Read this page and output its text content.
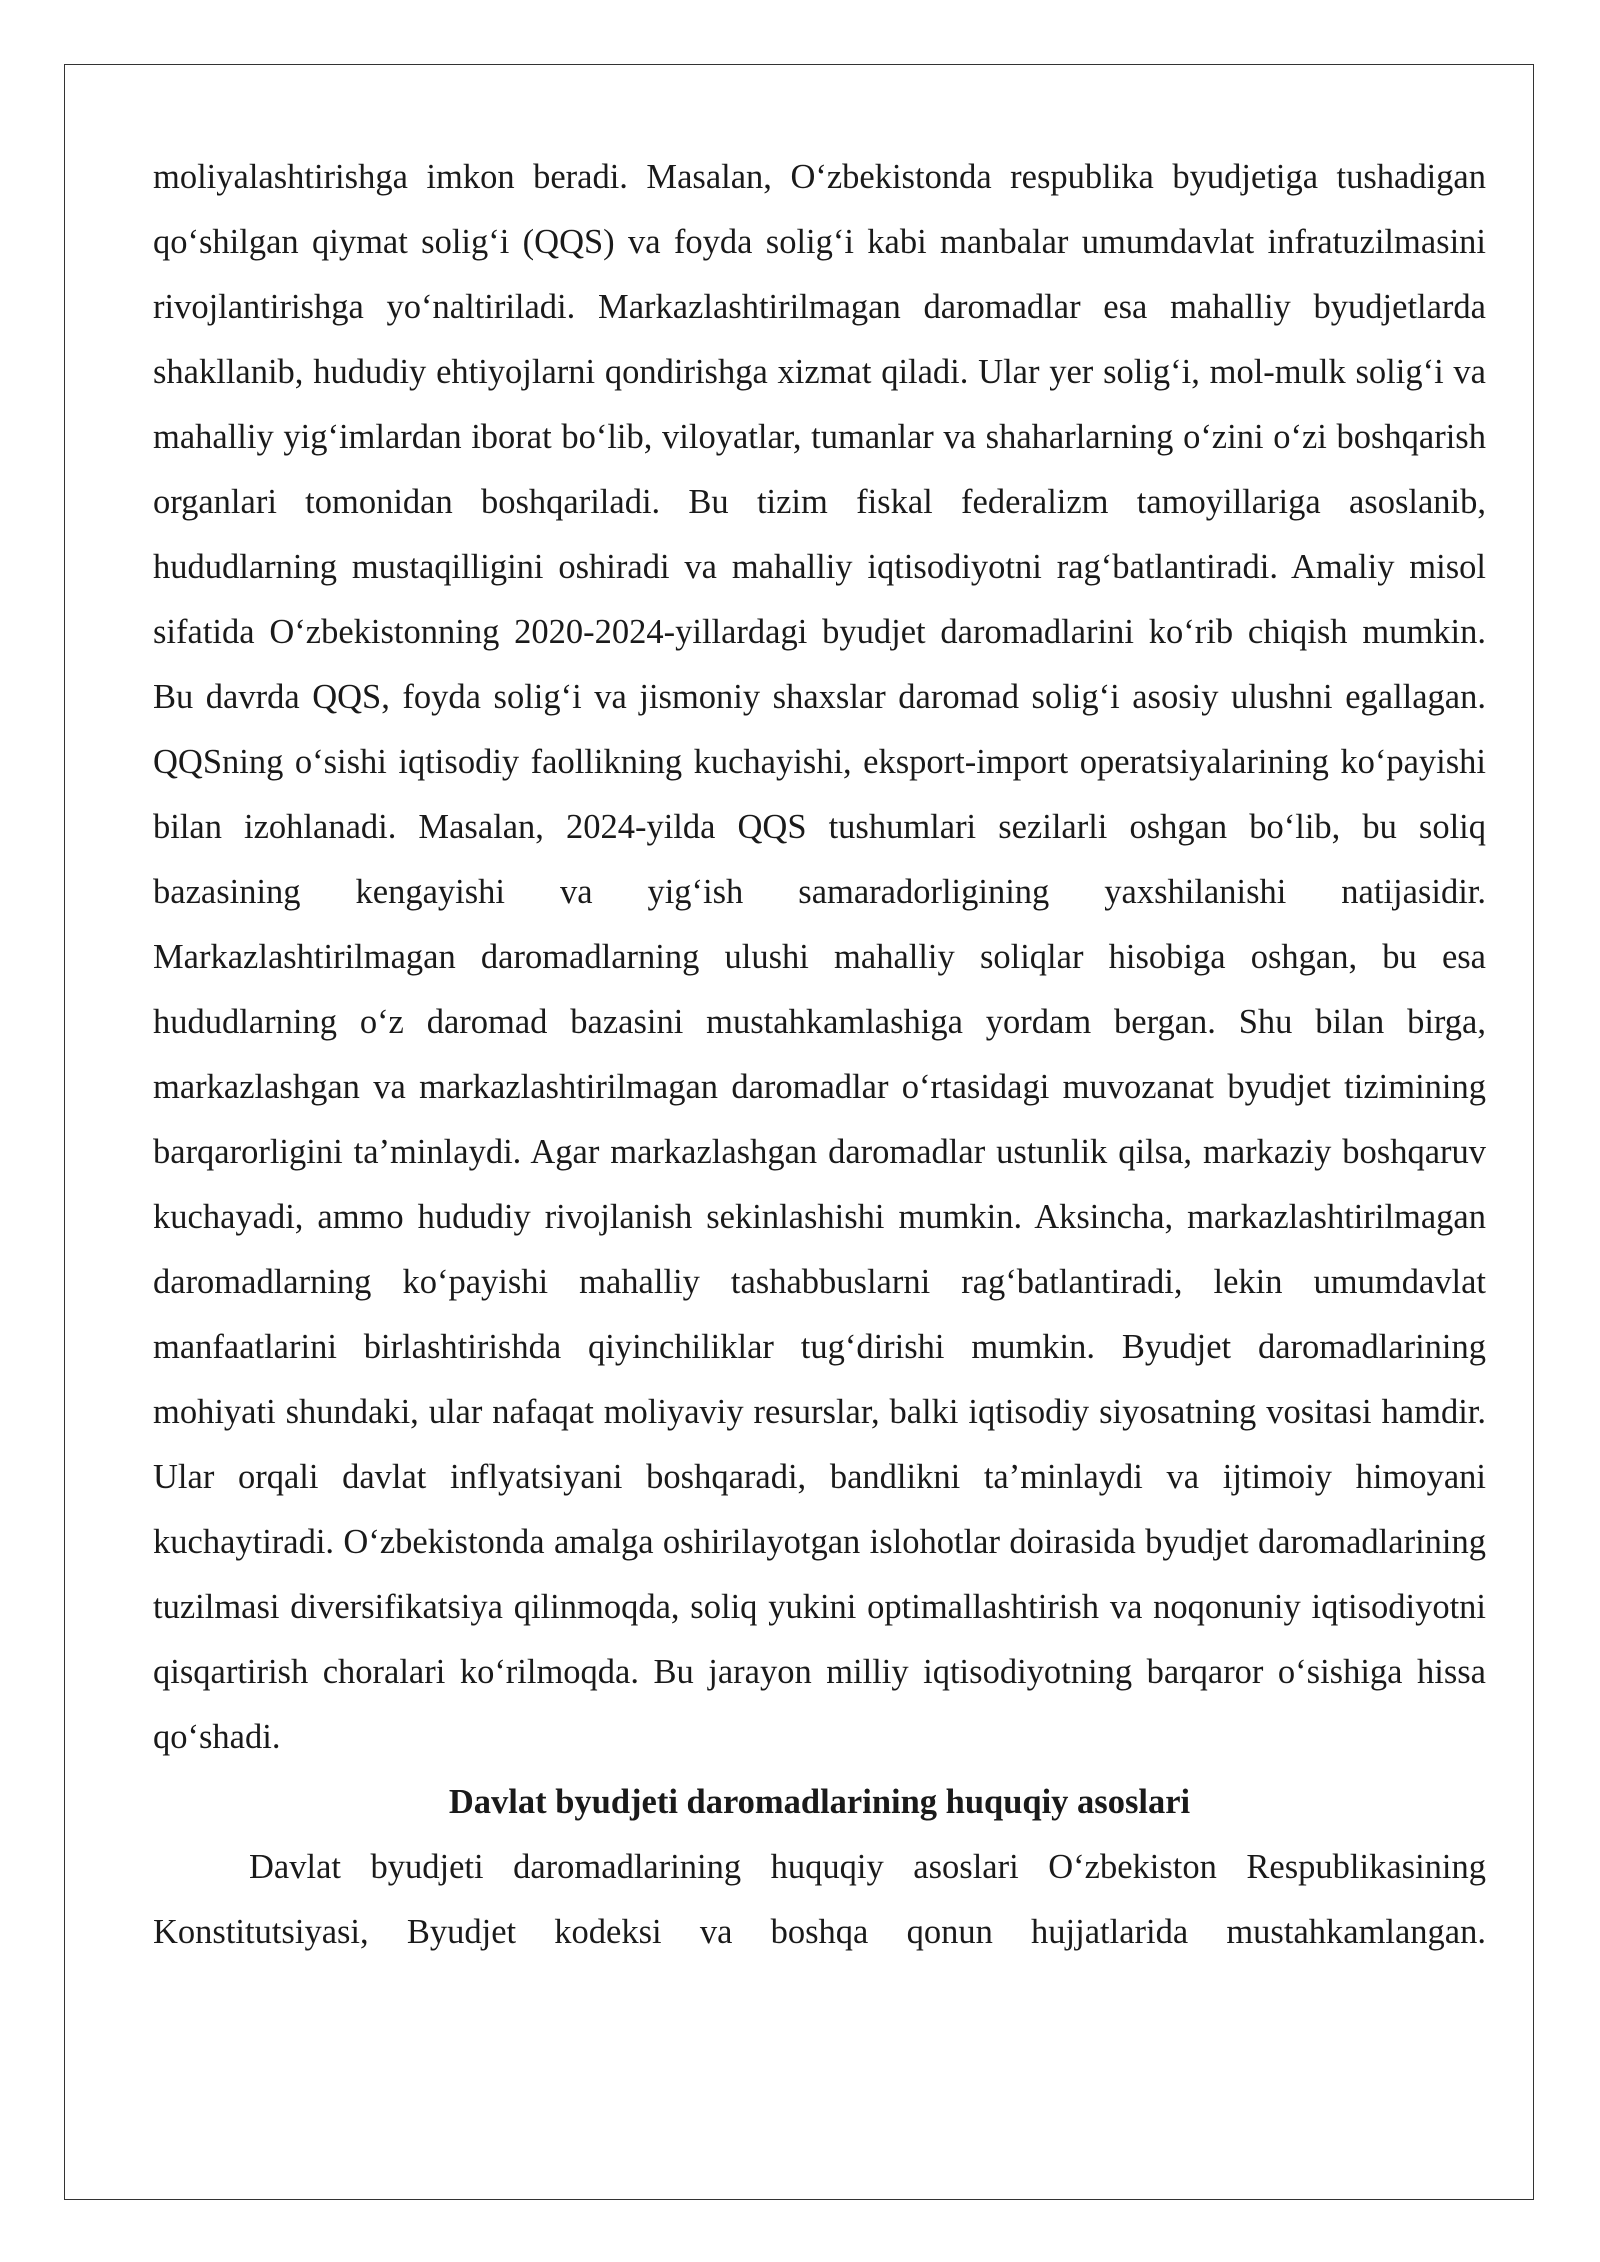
moliyalashtirishga imkon beradi. Masalan, O‘zbekistonda respublika byudjetiga tushadigan qo‘shilgan qiymat solig‘i (QQS) va foyda solig‘i kabi manbalar umumdavlat infratuzilmasini rivojlantirishga yo‘naltiriladi. Markazlashtirilmagan daromadlar esa mahalliy byudjetlarda shakllanib, hududiy ehtiyojlarni qondirishga xizmat qiladi. Ular yer solig‘i, mol-mulk solig‘i va mahalliy yig‘imlardan iborat bo‘lib, viloyatlar, tumanlar va shaharlarning o‘zini o‘zi boshqarish organlari tomonidan boshqariladi. Bu tizim fiskal federalizm tamoyillariga asoslanib, hududlarning mustaqilligini oshiradi va mahalliy iqtisodiyotni rag‘batlantiradi. Amaliy misol sifatida O‘zbekistonning 2020-2024-yillardagi byudjet daromadlarini ko‘rib chiqish mumkin. Bu davrda QQS, foyda solig‘i va jismoniy shaxslar daromad solig‘i asosiy ulushni egallagan. QQSning o‘sishi iqtisodiy faollikning kuchayishi, eksport-import operatsiyalarining ko‘payishi bilan izohlanadi. Masalan, 2024-yilda QQS tushumlari sezilarli oshgan bo‘lib, bu soliq bazasining kengayishi va yig‘ish samaradorligining yaxshilanishi natijasidir. Markazlashtirilmagan daromadlarning ulushi mahalliy soliqlar hisobiga oshgan, bu esa hududlarning o‘z daromad bazasini mustahkamlashiga yordam bergan. Shu bilan birga, markazlashgan va markazlashtirilmagan daromadlar o‘rtasidagi muvozanat byudjet tizimining barqarorligini ta’minlaydi. Agar markazlashgan daromadlar ustunlik qilsa, markaziy boshqaruv kuchayadi, ammo hududiy rivojlanish sekinlashishi mumkin. Aksincha, markazlashtirilmagan daromadlarning ko‘payishi mahalliy tashabbuslarni rag‘batlantiradi, lekin umumdavlat manfaatlarini birlashtirishda qiyinchiliklar tug‘dirishi mumkin. Byudjet daromadlarining mohiyati shundaki, ular nafaqat moliyaviy resurslar, balki iqtisodiy siyosatning vositasi hamdir. Ular orqali davlat inflyatsiyani boshqaradi, bandlikni ta’minlaydi va ijtimoiy himoyani kuchaytiradi. O‘zbekistonda amalga oshirilayotgan islohotlar doirasida byudjet daromadlarining tuzilmasi diversifikatsiya qilinmoqda, soliq yukini optimallashtirish va noqonuniy iqtisodiyotni qisqartirish choralari ko‘rilmoqda. Bu jarayon milliy iqtisodiyotning barqaror o‘sishiga hissa qo‘shadi.

Davlat byudjeti daromadlarining huquqiy asoslari

Davlat byudjeti daromadlarining huquqiy asoslari O‘zbekiston Respublikasining Konstitutsiyasi, Byudjet kodeksi va boshqa qonun hujjatlarida mustahkamlangan.
